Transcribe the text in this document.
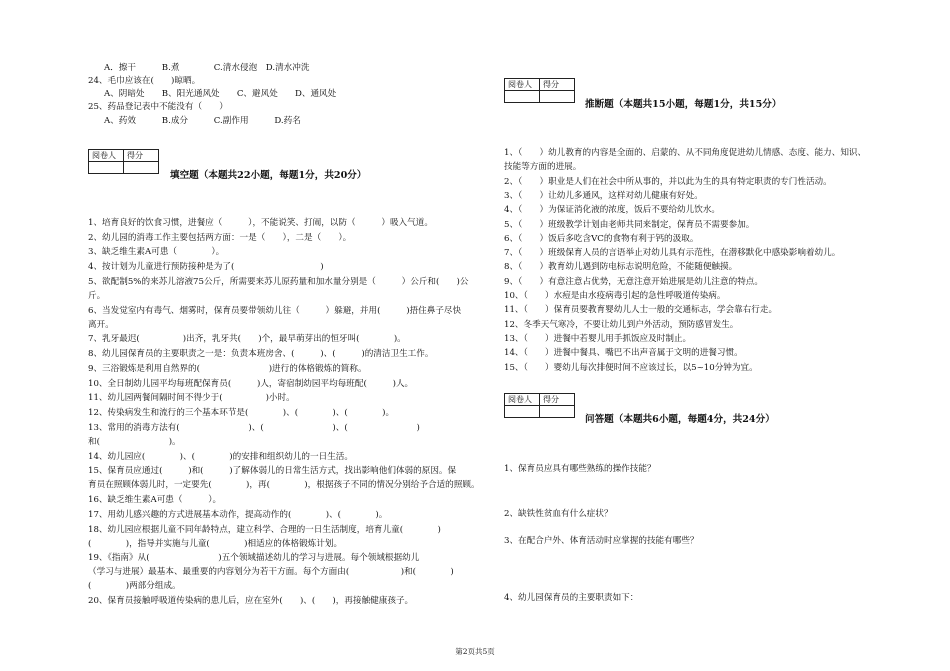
A．擦干　　　B.煮　　　　C.清水侵泡　D.清水冲洗
24、毛巾应该在(　　)晾晒。
A、阴暗处　　B、阳光通风处　　C、避风处　　D、通风处
25、药品登记表中不能没有（　　）
A、药效　　　B.成分　　　C.副作用　　　D.药名
阅卷人	得分

填空题（本题共22小题，每题1分，共20分）
1、培育良好的饮食习惯，进餐应（　　　），不能说笑、打闹，以防（　　　）吸入气道。
2、幼儿园的消毒工作主要包括两方面：一是（　　），二是（　　）。
3、缺乏维生素A可患（　　　　）。
4、按计划为儿童进行预防接种是为了(　　　　　　　　　　)
5、欲配制5%的来苏儿溶液75公斤，所需要来苏儿原药量和加水量分别是（　　　）公斤和(　　)公
斤。
6、当发觉室内有毒气、烟雾时，保育员要带领幼儿往（　　　）躲避，并用(　　　)捂住鼻子尽快
离开。
7、乳牙最迟(　　　　　)出齐，乳牙共(　　)个，最早萌芽出的恒牙叫(　　　　)。
8、幼儿园保育员的主要职责之一是：负责本班房舍、(　　　)、(　　　)的清洁卫生工作。
9、三浴锻炼是利用自然界的(　　　　　　　　)进行的体格锻炼的简称。
10、全日制幼儿园平均每班配保育员(　　　)人，寄宿制幼园平均每班配(　　　)人。
11、幼儿园两餐间隔时间不得少于(　　　　　)小时。
12、传染病发生和流行的三个基本环节是(　　　　)、(　　　　)、(　　　　)。
13、常用的消毒方法有(　　　　　　　　)、(　　　　　　　　)、(　　　　　　　　)
和(　　　　　　　　)。
14、幼儿园应(　　　　)、(　　　　)的安排和组织幼儿的一日生活。
15、保育员应通过(　　　)和(　　　)了解体弱儿的日常生活方式，找出影响他们体弱的原因。保
育员在照顾体弱儿时，一定要先(　　　　)，再(　　　　)，根据孩子不同的情况分别给予合适的照顾。
16、缺乏维生素A可患（　　　）。
17、用幼儿感兴趣的方式进展基本动作，提高动作的(　　　　)、(　　　　)。
18、幼儿园应根据儿童不同年龄特点，建立科学、合理的一日生活制度，培育儿童(　　　　)
(　　　　)，指导并实施与儿童(　　　　)相适应的体格锻炼计划。
19、《指南》从(　　　　　　　　)五个领域描述幼儿的学习与进展。每个领域根据幼儿
（学习与进展）最基本、最重要的内容划分为若干方面。每个方面由(　　　　　　)和(　　　　)
(　　　　)两部分组成。
20、保育员接触呼吸道传染病的患儿后，应在室外(　　)、(　　)，再接触健康孩子。
阅卷人	得分

推断题（本题共15小题，每题1分，共15分）
1、（　　）幼儿教育的内容是全面的、启蒙的、从不同角度促进幼儿情感、态度、能力、知识、
技能等方面的进展。
2、（　　）职业是人们在社会中所从事的，并以此为生的具有特定职责的专门性活动。
3、（　　）让幼儿多通风，这样对幼儿健康有好处。
4、（　　）为保证消化液的浓度，饭后不要给幼儿饮水。
5、（　　）班级教学计划由老师共同来制定，保育员不需要参加。
6、（　　）饭后多吃含VC的食物有利于钙的汲取。
7、（　　）班级保育人员的言语举止对幼儿具有示范性，在潜移默化中感染影响着幼儿。
8、（　　）教育幼儿遇到防电标志说明危险，不能随便触摸。
9、（　　）有意注意占优势，无意注意开始进展是幼儿注意的特点。
10、（　　）水痘是由水疫病毒引起的急性呼吸道传染病。
11、（　　）保育员要教育婴幼儿人士一般的交通标志，学会靠右行走。
12、冬季天气寒冷，不要让幼儿到户外活动，预防感冒发生。
13、（　　）进餐中若婴儿用手抓饭应及时制止。
14、（　　）进餐中餐具、嘴巴不出声音属于文明的进餐习惯。
15、（　　）婴幼儿每次排便时间不应该过长，以5~10分钟为宜。
阅卷人	得分

问答题（本题共6小题，每题4分，共24分）
1、保育员应具有哪些熟练的操作技能？
2、缺铁性贫血有什么症状？
3、在配合户外、体育活动时应掌握的技能有哪些？
4、幼儿园保育员的主要职责如下：
第2页共5页
